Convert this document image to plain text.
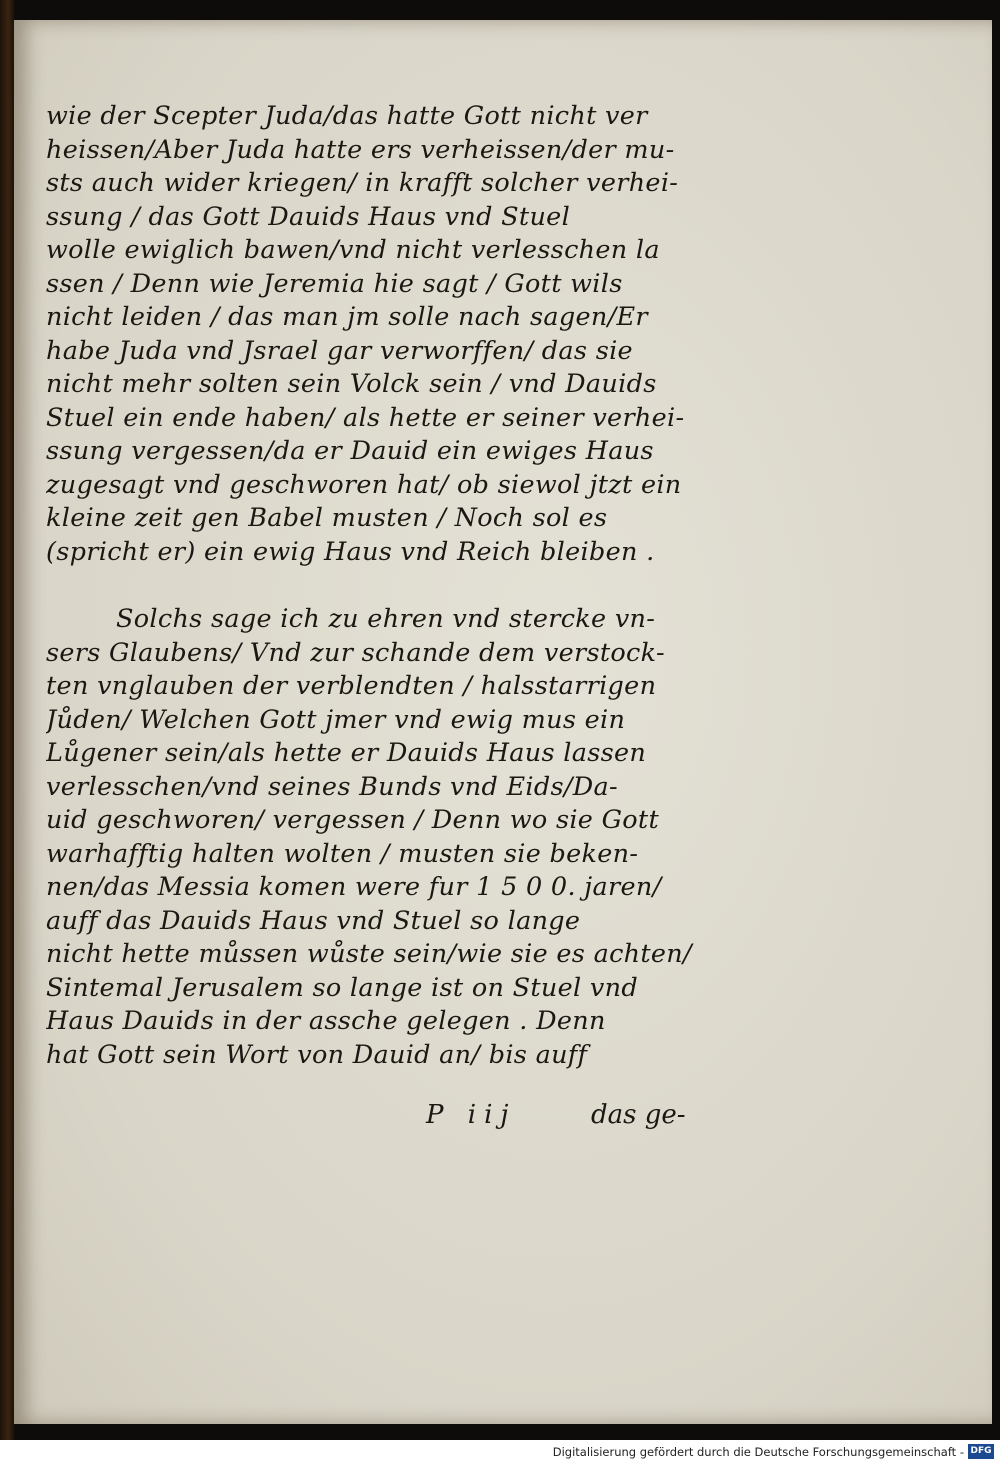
wie der Scepter Juda/das hatte Gott nicht ver
heissen/Aber Juda hatte ers verheissen/der mu-
sts auch wider kriegen/ in krafft solcher verhei-
ssung / das Gott Dauids Haus vnd Stuel
wolle ewiglich bawen/vnd nicht verlesschen la
ssen / Denn wie Jeremia hie sagt / Gott wils
nicht leiden / das man jm solle nach sagen/Er
habe Juda vnd Jsrael gar verworffen/ das sie
nicht mehr solten sein Volck sein / vnd Dauids
Stuel ein ende haben/ als hette er seiner verhei-
ssung vergessen/da er Dauid ein ewiges Haus
zugesagt vnd geschworen hat/ ob siewol jtzt ein
kleine zeit gen Babel musten / Noch sol es
(spricht er) ein ewig Haus vnd Reich bleiben .
Solchs sage ich zu ehren vnd stercke vn-
sers Glaubens/ Vnd zur schande dem verstock-
ten vnglauben der verblendten / halsstarrigen
Jůden/ Welchen Gott jmer vnd ewig mus ein
Lůgener sein/als hette er Dauids Haus lassen
verlesschen/vnd seines Bunds vnd Eids/Da-
uid geschworen/ vergessen / Denn wo sie Gott
warhafftig halten wolten / musten sie beken-
nen/das Messia komen were fur 1 5 0 0. jaren/
auff das Dauids Haus vnd Stuel so lange
nicht hette můssen wůste sein/wie sie es achten/
Sintemal Jerusalem so lange ist on Stuel vnd
Haus Dauids in der assche gelegen . Denn
hat Gott sein Wort von Dauid an/ bis auff
P iij	das ge-
Digitalisierung gefördert durch die Deutsche Forschungsgemeinschaft - DFG
